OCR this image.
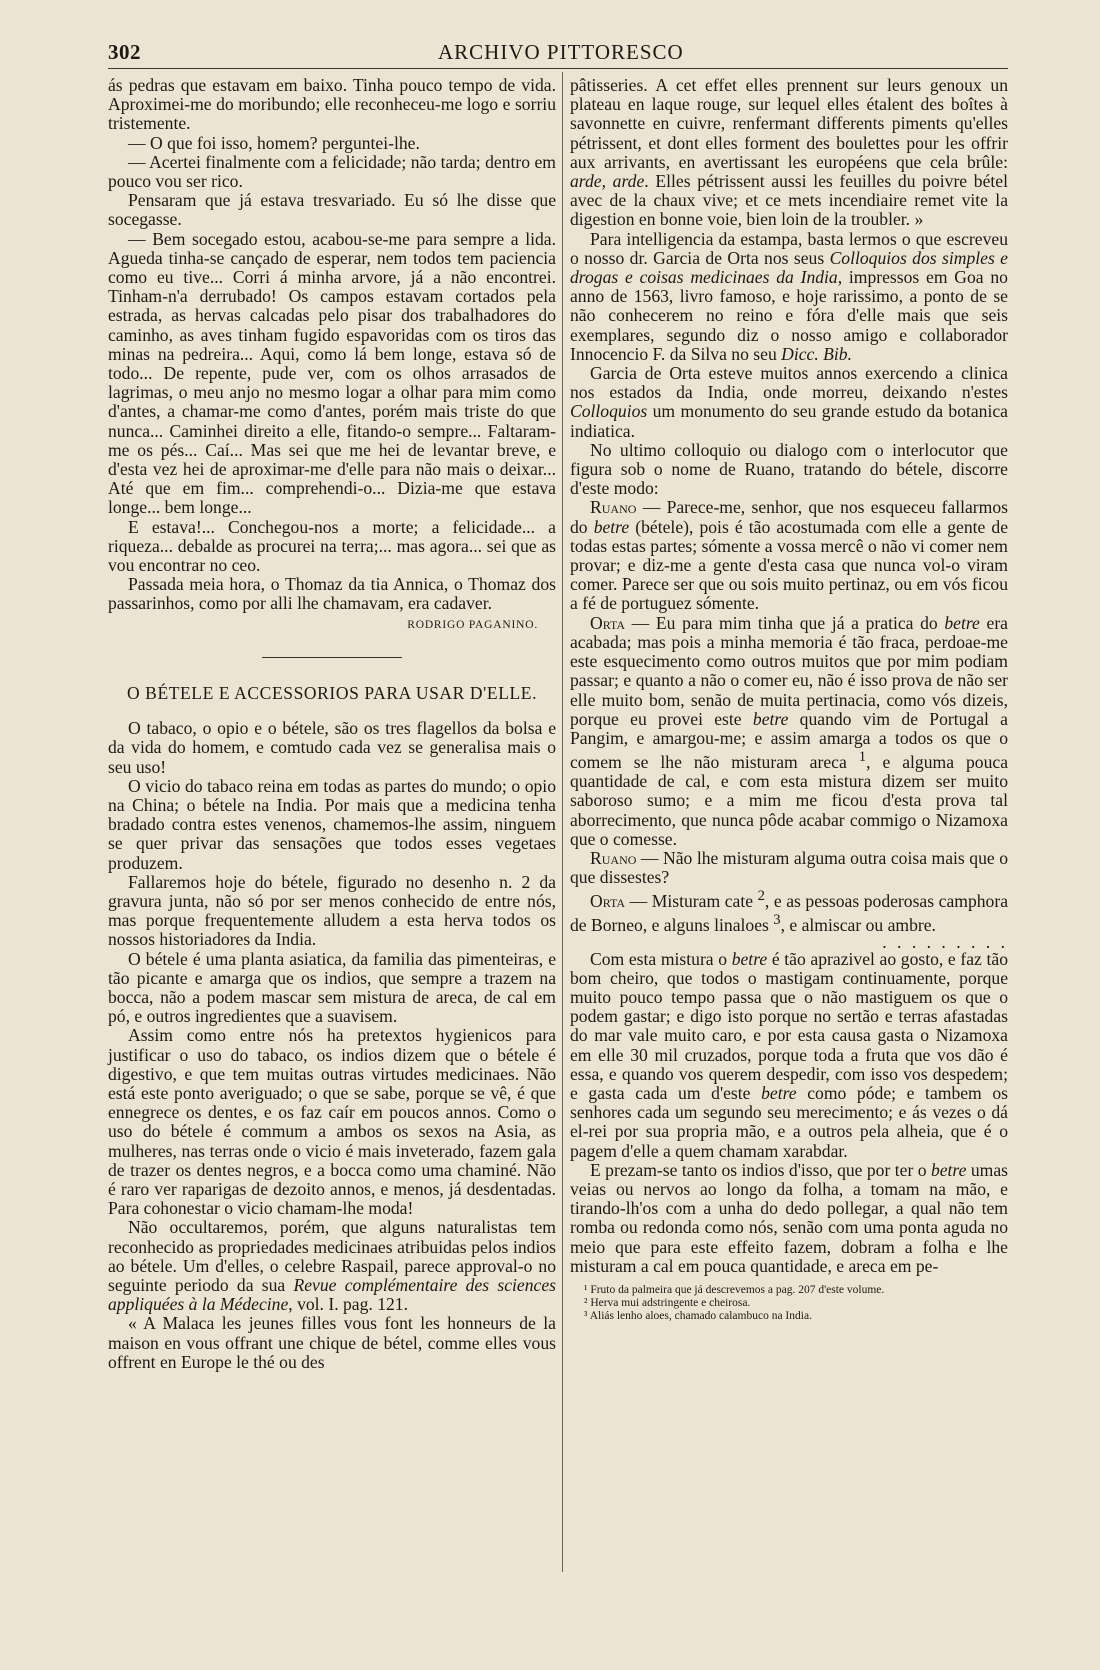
302	ARCHIVO PITTORESCO

ás pedras que estavam em baixo. Tinha pouco tempo de vida. Aproximei-me do moribundo; elle reconheceu-me logo e sorriu tristemente.

— O que foi isso, homem? perguntei-lhe.

— Acertei finalmente com a felicidade; não tarda; dentro em pouco vou ser rico.

Pensaram que já estava tresvariado. Eu só lhe disse que socegasse.

— Bem socegado estou, acabou-se-me para sempre a lida. Agueda tinha-se cançado de esperar, nem todos tem paciencia como eu tive... Corri á minha arvore, já a não encontrei. Tinham-n'a derrubado! Os campos estavam cortados pela estrada, as hervas calcadas pelo pisar dos trabalhadores do caminho, as aves tinham fugido espavoridas com os tiros das minas na pedreira... Aqui, como lá bem longe, estava só de todo... De repente, pude ver, com os olhos arrasados de lagrimas, o meu anjo no mesmo logar a olhar para mim como d'antes, a chamar-me como d'antes, porém mais triste do que nunca... Caminhei direito a elle, fitando-o sempre... Faltaram-me os pés... Caí... Mas sei que me hei de levantar breve, e d'esta vez hei de aproximar-me d'elle para não mais o deixar... Até que em fim... comprehendi-o... Dizia-me que estava longe... bem longe...

E estava!... Conchegou-nos a morte; a felicidade... a riqueza... debalde as procurei na terra;... mas agora... sei que as vou encontrar no ceo.

Passada meia hora, o Thomaz da tia Annica, o Thomaz dos passarinhos, como por alli lhe chamavam, era cadaver.

RODRIGO PAGANINO.
O BÉTELE E ACCESSORIOS PARA USAR D'ELLE.

O tabaco, o opio e o bétele, são os tres flagellos da bolsa e da vida do homem, e comtudo cada vez se generalisa mais o seu uso!

O vicio do tabaco reina em todas as partes do mundo; o opio na China; o bétele na India. Por mais que a medicina tenha bradado contra estes venenos, chamemos-lhe assim, ninguem se quer privar das sensações que todos esses vegetaes produzem.

Fallaremos hoje do bétele, figurado no desenho n. 2 da gravura junta, não só por ser menos conhecido de entre nós, mas porque frequentemente alludem a esta herva todos os nossos historiadores da India.

O bétele é uma planta asiatica, da familia das pimenteiras, e tão picante e amarga que os indios, que sempre a trazem na bocca, não a podem mascar sem mistura de areca, de cal em pó, e outros ingredientes que a suavisem.

Assim como entre nós ha pretextos hygienicos para justificar o uso do tabaco, os indios dizem que o bétele é digestivo, e que tem muitas outras virtudes medicinaes. Não está este ponto averiguado; o que se sabe, porque se vê, é que ennegrece os dentes, e os faz caír em poucos annos. Como o uso do bétele é commum a ambos os sexos na Asia, as mulheres, nas terras onde o vicio é mais inveterado, fazem gala de trazer os dentes negros, e a bocca como uma chaminé. Não é raro ver raparigas de dezoito annos, e menos, já desdentadas. Para cohonestar o vicio chamam-lhe moda!

Não occultaremos, porém, que alguns naturalistas tem reconhecido as propriedades medicinaes atribuidas pelos indios ao bétele. Um d'elles, o celebre Raspail, parece approval-o no seguinte periodo da sua Revue complémentaire des sciences appliquées à la Médecine, vol. I. pag. 121.

« A Malaca les jeunes filles vous font les honneurs de la maison en vous offrant une chique de bétel, comme elles vous offrent en Europe le thé ou des

pâtisseries. A cet effet elles prennent sur leurs genoux un plateau en laque rouge, sur lequel elles étalent des boîtes à savonnette en cuivre, renfermant differents piments qu'elles pétrissent, et dont elles forment des boulettes pour les offrir aux arrivants, en avertissant les européens que cela brûle: arde, arde. Elles pétrissent aussi les feuilles du poivre bétel avec de la chaux vive; et ce mets incendiaire remet vite la digestion en bonne voie, bien loin de la troubler. »

Para intelligencia da estampa, basta lermos o que escreveu o nosso dr. Garcia de Orta nos seus Colloquios dos simples e drogas e coisas medicinaes da India, impressos em Goa no anno de 1563, livro famoso, e hoje rarissimo, a ponto de se não conhecerem no reino e fóra d'elle mais que seis exemplares, segundo diz o nosso amigo e collaborador Innocencio F. da Silva no seu Dicc. Bib.

Garcia de Orta esteve muitos annos exercendo a clinica nos estados da India, onde morreu, deixando n'estes Colloquios um monumento do seu grande estudo da botanica indiatica.

No ultimo colloquio ou dialogo com o interlocutor que figura sob o nome de Ruano, tratando do bétele, discorre d'este modo:

Ruano — Parece-me, senhor, que nos esqueceu fallarmos do betre (bétele), pois é tão acostumada com elle a gente de todas estas partes; sómente a vossa mercê o não vi comer nem provar; e diz-me a gente d'esta casa que nunca vol-o viram comer. Parece ser que ou sois muito pertinaz, ou em vós ficou a fé de portuguez sómente.

Orta — Eu para mim tinha que já a pratica do betre era acabada; mas pois a minha memoria é tão fraca, perdoae-me este esquecimento como outros muitos que por mim podiam passar; e quanto a não o comer eu, não é isso prova de não ser elle muito bom, senão de muita pertinacia, como vós dizeis, porque eu provei este betre quando vim de Portugal a Pangim, e amargou-me; e assim amarga a todos os que o comem se lhe não misturam areca $^1$, e alguma pouca quantidade de cal, e com esta mistura dizem ser muito saboroso sumo; e a mim me ficou d'esta prova tal aborrecimento, que nunca pôde acabar commigo o Nizamoxa que o comesse.

Ruano — Não lhe misturam alguma outra coisa mais que o que dissestes?

Orta — Misturam cate $^2$, e as pessoas poderosas camphora de Borneo, e alguns linaloes $^3$, e almiscar ou ambre.

. . . . . . . . .

Com esta mistura o betre é tão aprazivel ao gosto, e faz tão bom cheiro, que todos o mastigam continuamente, porque muito pouco tempo passa que o não mastiguem os que o podem gastar; e digo isto porque no sertão e terras afastadas do mar vale muito caro, e por esta causa gasta o Nizamoxa em elle 30 mil cruzados, porque toda a fruta que vos dão é essa, e quando vos querem despedir, com isso vos despedem; e gasta cada um d'este betre como póde; e tambem os senhores cada um segundo seu merecimento; e ás vezes o dá el-rei por sua propria mão, e a outros pela alheia, que é o pagem d'elle a quem chamam xarabdar.

E prezam-se tanto os indios d'isso, que por ter o betre umas veias ou nervos ao longo da folha, a tomam na mão, e tirando-lh'os com a unha do dedo pollegar, a qual não tem romba ou redonda como nós, senão com uma ponta aguda no meio que para este effeito fazem, dobram a folha e lhe misturam a cal em pouca quantidade, e areca em pe-

¹ Fruto da palmeira que já descrevemos a pag. 207 d'este volume.
² Herva mui adstringente e cheirosa.
³ Aliás lenho aloes, chamado calambuco na India.
